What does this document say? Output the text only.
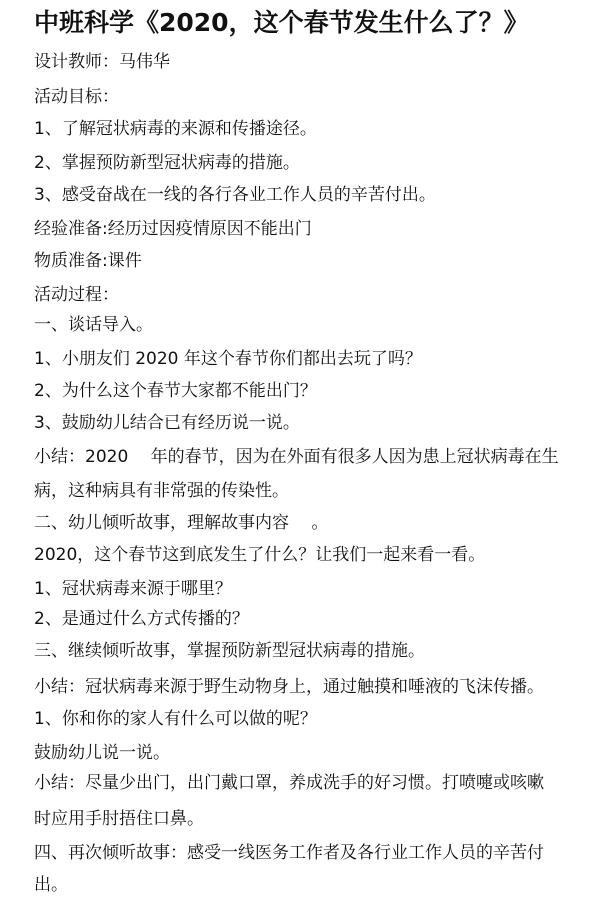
中班科学《2020，这个春节发生什么了？》
设计教师：马伟华
活动目标：
1、了解冠状病毒的来源和传播途径。
2、掌握预防新型冠状病毒的措施。
3、感受奋战在一线的各行各业工作人员的辛苦付出。
经验准备:经历过因疫情原因不能出门
物质准备:课件
活动过程：
一、谈话导入。
1、小朋友们 2020 年这个春节你们都出去玩了吗？
2、为什么这个春节大家都不能出门？
3、鼓励幼儿结合已有经历说一说。
小结：2020　 年的春节，因为在外面有很多人因为患上冠状病毒在生
病，这种病具有非常强的传染性。
二、幼儿倾听故事，理解故事内容　 。
2020，这个春节这到底发生了什么？让我们一起来看一看。
1、冠状病毒来源于哪里？
2、是通过什么方式传播的？
三、继续倾听故事，掌握预防新型冠状病毒的措施。
小结：冠状病毒来源于野生动物身上，通过触摸和唾液的飞沫传播。
1、你和你的家人有什么可以做的呢？
鼓励幼儿说一说。
小结：尽量少出门，出门戴口罩，养成洗手的好习惯。打喷嚏或咳嗽
时应用手肘捂住口鼻。
四、再次倾听故事：感受一线医务工作者及各行业工作人员的辛苦付
出。
